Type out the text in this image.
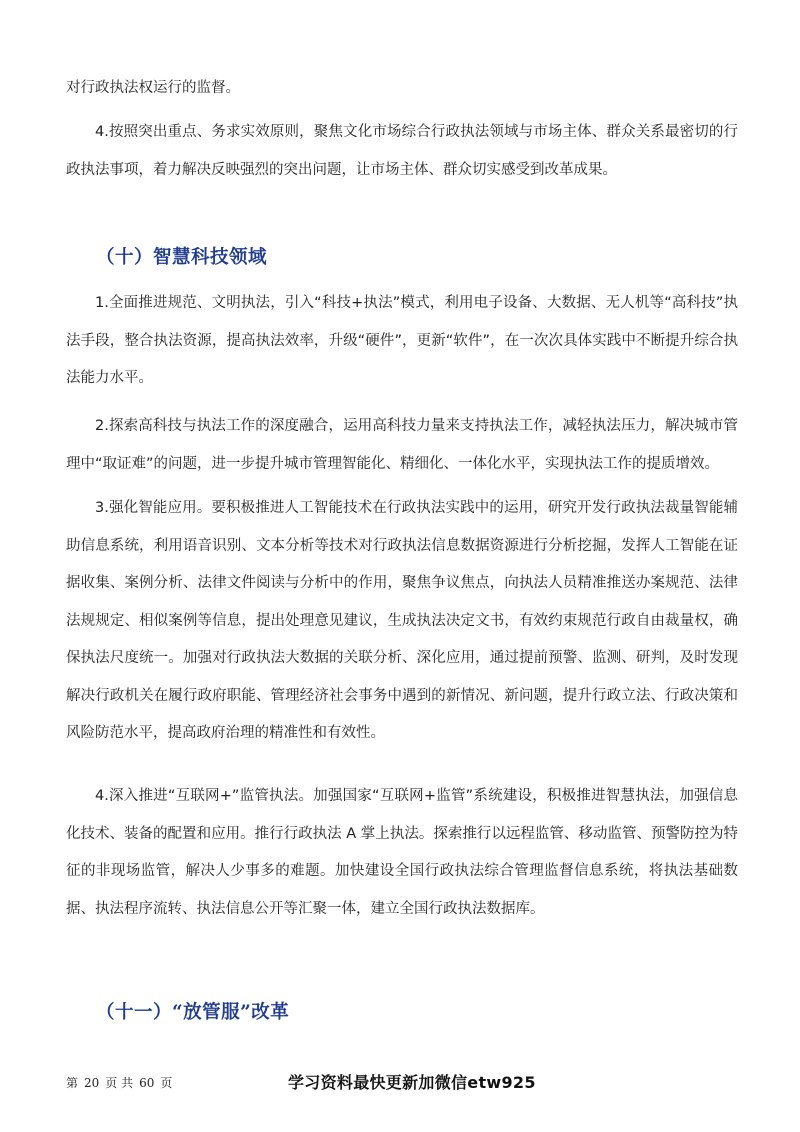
对行政执法权运行的监督。

4.按照突出重点、务求实效原则，聚焦文化市场综合行政执法领域与市场主体、群众关系最密切的行政执法事项，着力解决反映强烈的突出问题，让市场主体、群众切实感受到改革成果。

（十）智慧科技领域

1.全面推进规范、文明执法，引入“科技+执法”模式，利用电子设备、大数据、无人机等“高科技”执法手段，整合执法资源，提高执法效率，升级“硬件”，更新“软件”，在一次次具体实践中不断提升综合执法能力水平。

2.探索高科技与执法工作的深度融合，运用高科技力量来支持执法工作，减轻执法压力，解决城市管理中“取证难”的问题，进一步提升城市管理智能化、精细化、一体化水平，实现执法工作的提质增效。

3.强化智能应用。要积极推进人工智能技术在行政执法实践中的运用，研究开发行政执法裁量智能辅助信息系统，利用语音识别、文本分析等技术对行政执法信息数据资源进行分析挖掘，发挥人工智能在证据收集、案例分析、法律文件阅读与分析中的作用，聚焦争议焦点，向执法人员精准推送办案规范、法律法规规定、相似案例等信息，提出处理意见建议，生成执法决定文书，有效约束规范行政自由裁量权，确保执法尺度统一。加强对行政执法大数据的关联分析、深化应用，通过提前预警、监测、研判，及时发现解决行政机关在履行政府职能、管理经济社会事务中遇到的新情况、新问题，提升行政立法、行政决策和风险防范水平，提高政府治理的精准性和有效性。

4.深入推进“互联网+”监管执法。加强国家“互联网+监管”系统建设，积极推进智慧执法，加强信息化技术、装备的配置和应用。推行行政执法 A 掌上执法。探索推行以远程监管、移动监管、预警防控为特征的非现场监管，解决人少事多的难题。加快建设全国行政执法综合管理监督信息系统，将执法基础数据、执法程序流转、执法信息公开等汇聚一体，建立全国行政执法数据库。

（十一）“放管服”改革
第 20 页 共 60 页	学习资料最快更新加微信etw925
